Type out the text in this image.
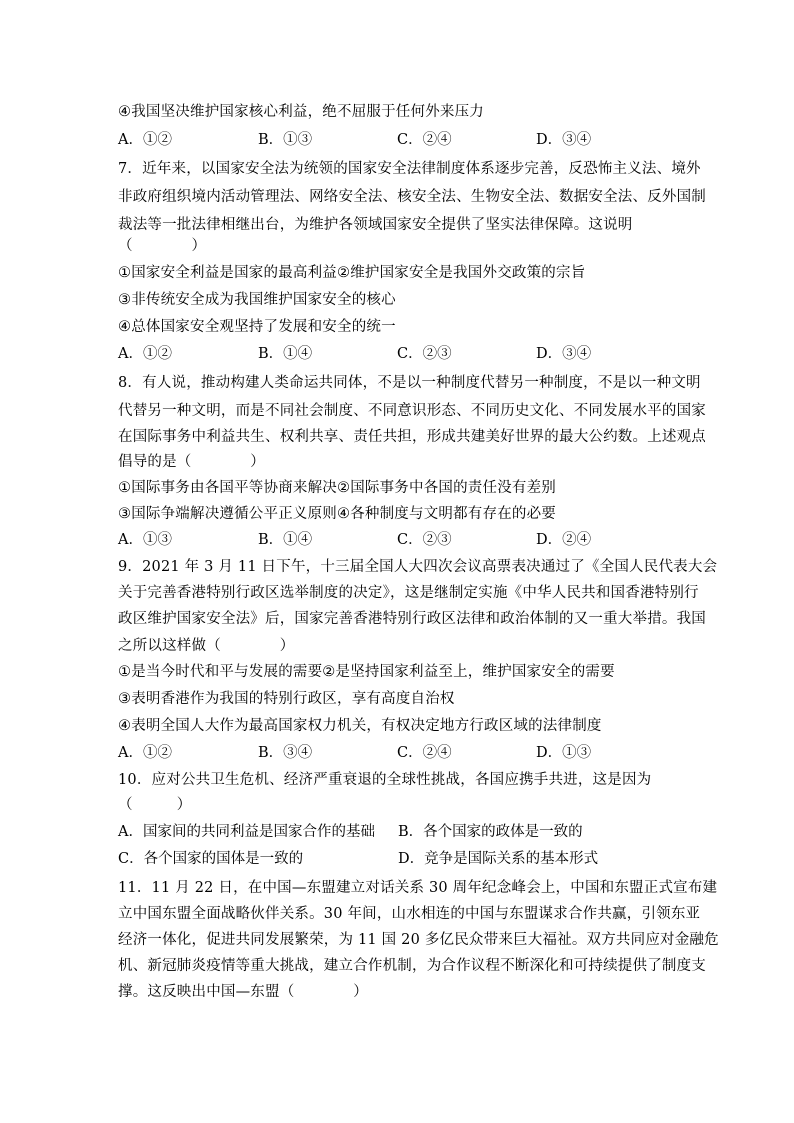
④我国坚决维护国家核心利益，绝不屈服于任何外来压力
A．①②	B．①③	C．②④	D．③④
7．近年来，以国家安全法为统领的国家安全法律制度体系逐步完善，反恐怖主义法、境外
非政府组织境内活动管理法、网络安全法、核安全法、生物安全法、数据安全法、反外国制
裁法等一批法律相继出台，为维护各领域国家安全提供了坚实法律保障。这说明
（　　　　）
①国家安全利益是国家的最高利益②维护国家安全是我国外交政策的宗旨
③非传统安全成为我国维护国家安全的核心
④总体国家安全观坚持了发展和安全的统一
A．①②	B．①④	C．②③	D．③④
8．有人说，推动构建人类命运共同体，不是以一种制度代替另一种制度，不是以一种文明
代替另一种文明，而是不同社会制度、不同意识形态、不同历史文化、不同发展水平的国家
在国际事务中利益共生、权利共享、责任共担，形成共建美好世界的最大公约数。上述观点
倡导的是（　　　　）
①国际事务由各国平等协商来解决②国际事务中各国的责任没有差别
③国际争端解决遵循公平正义原则④各种制度与文明都有存在的必要
A．①③	B．①④	C．②③	D．②④
9．2021 年 3 月 11 日下午，十三届全国人大四次会议高票表决通过了《全国人民代表大会
关于完善香港特别行政区选举制度的决定》，这是继制定实施《中华人民共和国香港特别行
政区维护国家安全法》后，国家完善香港特别行政区法律和政治体制的又一重大举措。我国
之所以这样做（　　　　）
①是当今时代和平与发展的需要②是坚持国家利益至上，维护国家安全的需要
③表明香港作为我国的特别行政区，享有高度自治权
④表明全国人大作为最高国家权力机关，有权决定地方行政区域的法律制度
A．①②	B．③④	C．②④	D．①③
10．应对公共卫生危机、经济严重衰退的全球性挑战，各国应携手共进，这是因为
（　　　）
A．国家间的共同利益是国家合作的基础 B．各个国家的政体是一致的
C．各个国家的国体是一致的	D．竞争是国际关系的基本形式
11．11 月 22 日，在中国—东盟建立对话关系 30 周年纪念峰会上，中国和东盟正式宣布建
立中国东盟全面战略伙伴关系。30 年间，山水相连的中国与东盟谋求合作共赢，引领东亚
经济一体化，促进共同发展繁荣，为 11 国 20 多亿民众带来巨大福祉。双方共同应对金融危
机、新冠肺炎疫情等重大挑战，建立合作机制，为合作议程不断深化和可持续提供了制度支
撑。这反映出中国—东盟（　　　　）
